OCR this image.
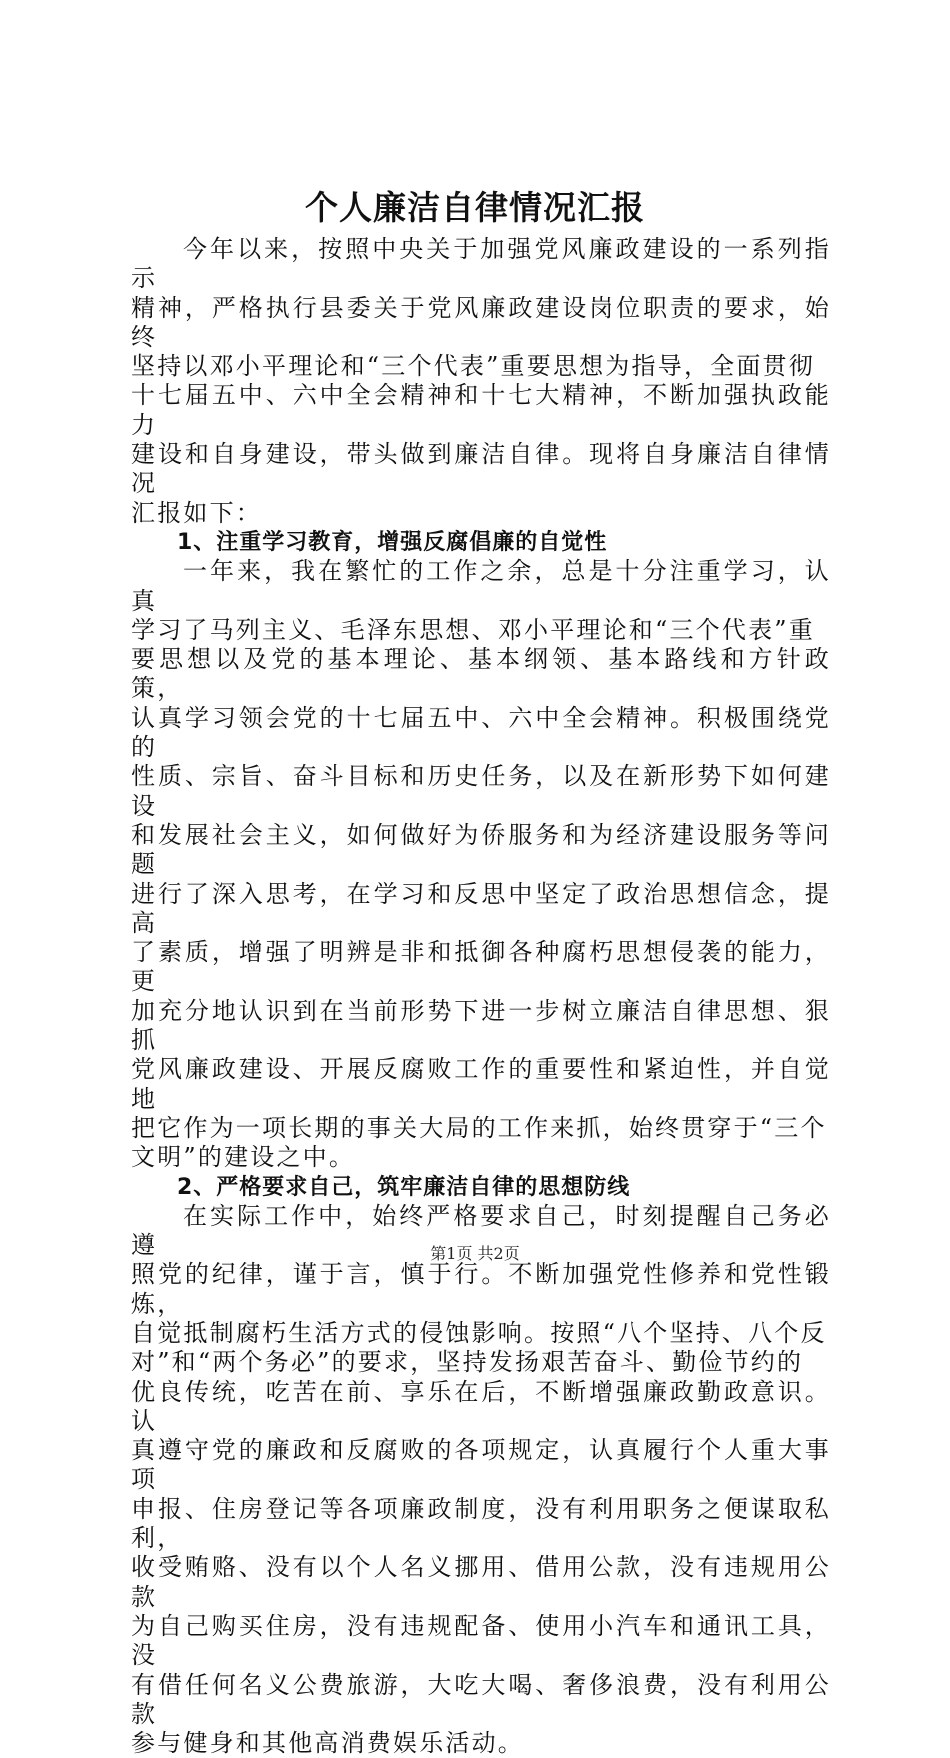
个人廉洁自律情况汇报

今年以来，按照中央关于加强党风廉政建设的一系列指示
精神，严格执行县委关于党风廉政建设岗位职责的要求，始终
坚持以邓小平理论和“三个代表”重要思想为指导，全面贯彻
十七届五中、六中全会精神和十七大精神，不断加强执政能力
建设和自身建设，带头做到廉洁自律。现将自身廉洁自律情况
汇报如下：

1、注重学习教育，增强反腐倡廉的自觉性

一年来，我在繁忙的工作之余，总是十分注重学习，认真
学习了马列主义、毛泽东思想、邓小平理论和“三个代表”重
要思想以及党的基本理论、基本纲领、基本路线和方针政策，
认真学习领会党的十七届五中、六中全会精神。积极围绕党的
性质、宗旨、奋斗目标和历史任务，以及在新形势下如何建设
和发展社会主义，如何做好为侨服务和为经济建设服务等问题
进行了深入思考，在学习和反思中坚定了政治思想信念，提高
了素质，增强了明辨是非和抵御各种腐朽思想侵袭的能力，更
加充分地认识到在当前形势下进一步树立廉洁自律思想、狠抓
党风廉政建设、开展反腐败工作的重要性和紧迫性，并自觉地
把它作为一项长期的事关大局的工作来抓，始终贯穿于“三个
文明”的建设之中。

2、严格要求自己，筑牢廉洁自律的思想防线

在实际工作中，始终严格要求自己，时刻提醒自己务必遵
照党的纪律，谨于言，慎于行。不断加强党性修养和党性锻炼，
自觉抵制腐朽生活方式的侵蚀影响。按照“八个坚持、八个反
对”和“两个务必”的要求，坚持发扬艰苦奋斗、勤俭节约的
优良传统，吃苦在前、享乐在后，不断增强廉政勤政意识。认
真遵守党的廉政和反腐败的各项规定，认真履行个人重大事项
申报、住房登记等各项廉政制度，没有利用职务之便谋取私利，
收受贿赂、没有以个人名义挪用、借用公款，没有违规用公款
为自己购买住房，没有违规配备、使用小汽车和通讯工具，没
有借任何名义公费旅游，大吃大喝、奢侈浪费，没有利用公款
参与健身和其他高消费娱乐活动。

第1页 共2页
